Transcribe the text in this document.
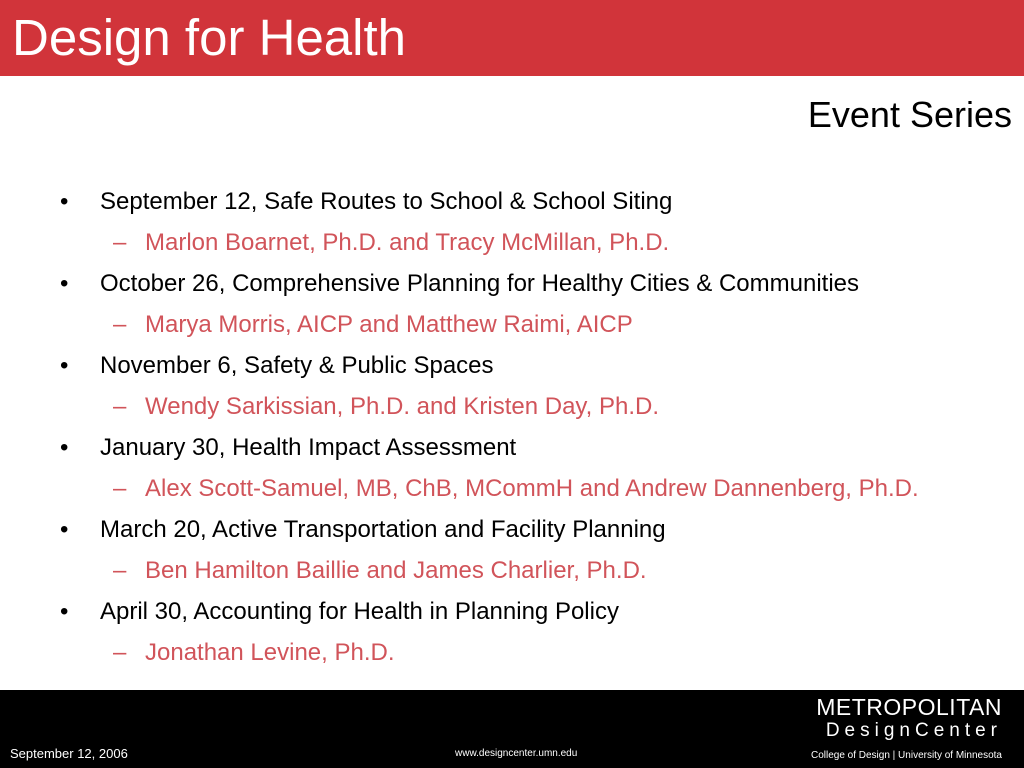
Design for Health
Event Series
•	September 12, Safe Routes to School & School Siting
– Marlon Boarnet, Ph.D. and Tracy McMillan, Ph.D.
•	October 26, Comprehensive Planning for Healthy Cities & Communities
– Marya Morris, AICP and Matthew Raimi, AICP
•	November 6, Safety & Public Spaces
– Wendy Sarkissian, Ph.D. and Kristen Day, Ph.D.
•	January 30, Health Impact Assessment
– Alex Scott-Samuel, MB, ChB, MCommH and Andrew Dannenberg, Ph.D.
•	March 20, Active Transportation and Facility Planning
– Ben Hamilton Baillie and James Charlier, Ph.D.
•	April 30, Accounting for Health in Planning Policy
– Jonathan Levine, Ph.D.
September 12, 2006	www.designcenter.umn.edu
METROPOLITAN
DesignCenter
College of Design | University of Minnesota
